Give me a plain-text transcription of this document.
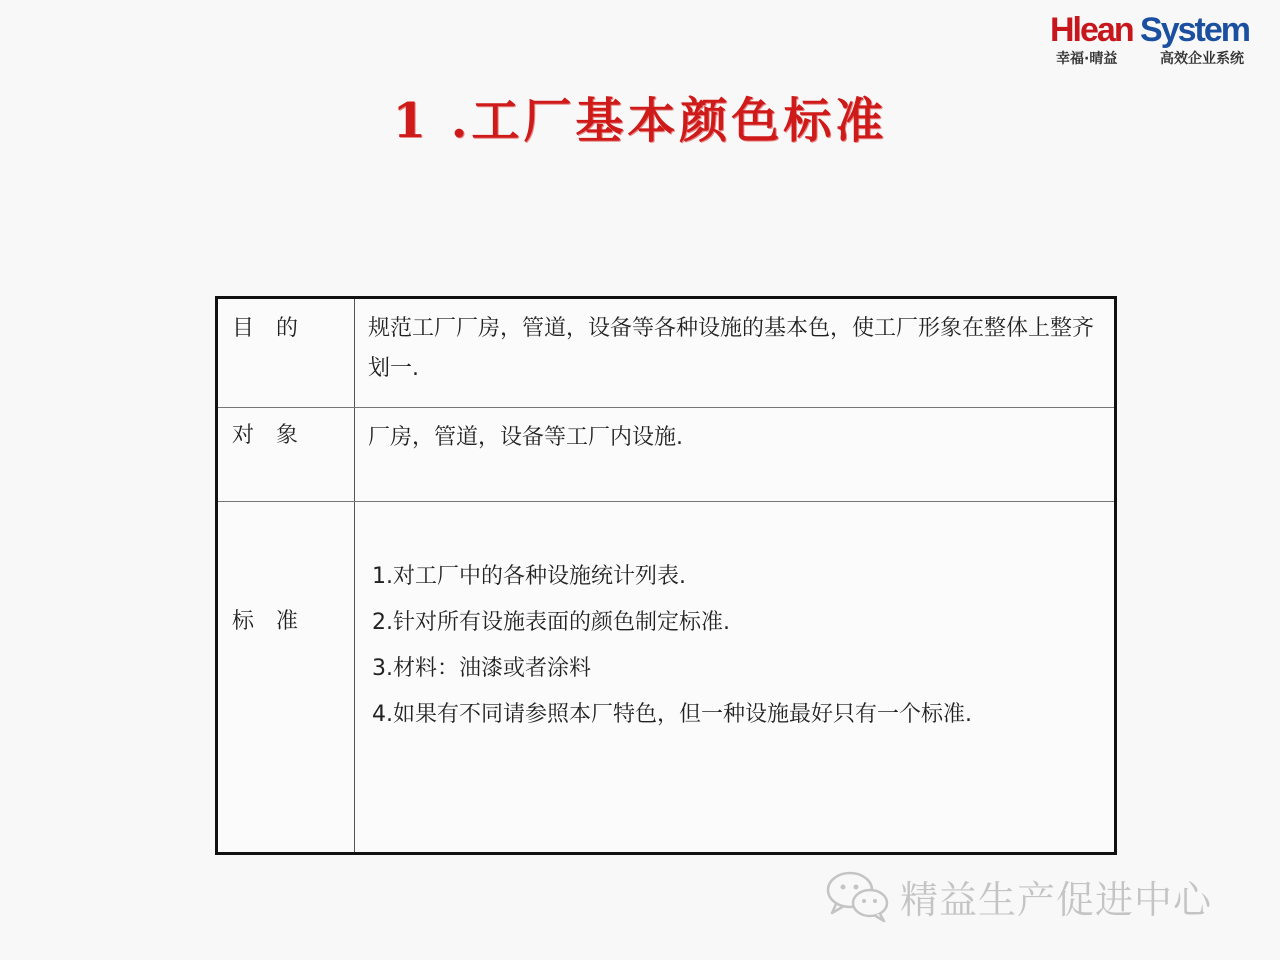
Hlean System
幸福·晴益	高效企业系统
1 .工厂基本颜色标准
目的 规范工厂厂房，管道，设备等各种设施的基本色，使工厂形象在整体上整齐划一.
对象 厂房，管道，设备等工厂内设施.
标准
1.对工厂中的各种设施统计列表.
2.针对所有设施表面的颜色制定标准.
3.材料：油漆或者涂料
4.如果有不同请参照本厂特色，但一种设施最好只有一个标准.
精益生产促进中心
